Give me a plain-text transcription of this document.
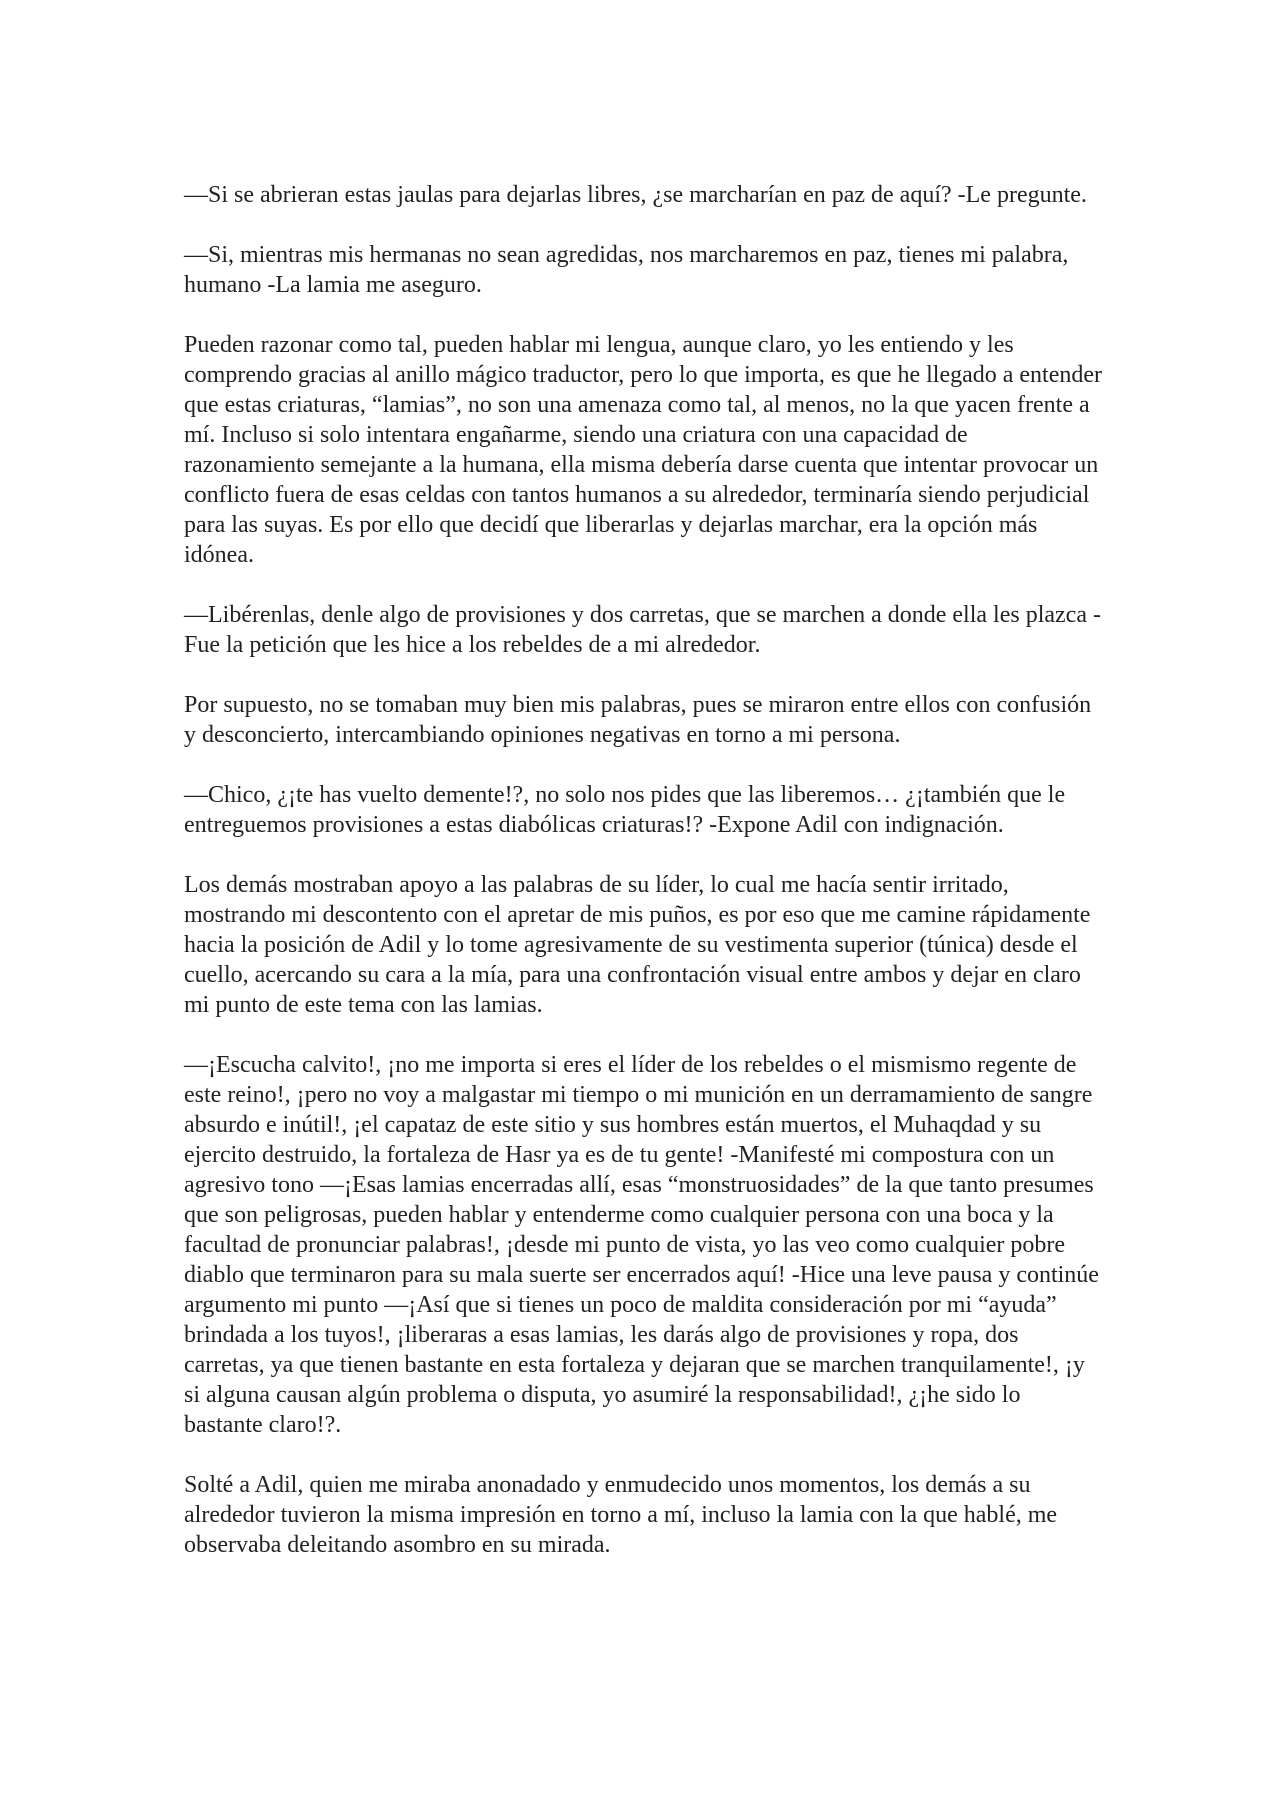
—Si se abrieran estas jaulas para dejarlas libres, ¿se marcharían en paz de aquí? -Le pregunte.

—Si, mientras mis hermanas no sean agredidas, nos marcharemos en paz, tienes mi palabra, humano -La lamia me aseguro.

Pueden razonar como tal, pueden hablar mi lengua, aunque claro, yo les entiendo y les comprendo gracias al anillo mágico traductor, pero lo que importa, es que he llegado a entender que estas criaturas, “lamias”, no son una amenaza como tal, al menos, no la que yacen frente a mí. Incluso si solo intentara engañarme, siendo una criatura con una capacidad de razonamiento semejante a la humana, ella misma debería darse cuenta que intentar provocar un conflicto fuera de esas celdas con tantos humanos a su alrededor, terminaría siendo perjudicial para las suyas. Es por ello que decidí que liberarlas y dejarlas marchar, era la opción más idónea.

—Libérenlas, denle algo de provisiones y dos carretas, que se marchen a donde ella les plazca -Fue la petición que les hice a los rebeldes de a mi alrededor.

Por supuesto, no se tomaban muy bien mis palabras, pues se miraron entre ellos con confusión y desconcierto, intercambiando opiniones negativas en torno a mi persona.

—Chico, ¿¡te has vuelto demente!?, no solo nos pides que las liberemos… ¿¡también que le entreguemos provisiones a estas diabólicas criaturas!? -Expone Adil con indignación.

Los demás mostraban apoyo a las palabras de su líder, lo cual me hacía sentir irritado, mostrando mi descontento con el apretar de mis puños, es por eso que me camine rápidamente hacia la posición de Adil y lo tome agresivamente de su vestimenta superior (túnica) desde el cuello, acercando su cara a la mía, para una confrontación visual entre ambos y dejar en claro mi punto de este tema con las lamias.

—¡Escucha calvito!, ¡no me importa si eres el líder de los rebeldes o el mismismo regente de este reino!, ¡pero no voy a malgastar mi tiempo o mi munición en un derramamiento de sangre absurdo e inútil!, ¡el capataz de este sitio y sus hombres están muertos, el Muhaqdad y su ejercito destruido, la fortaleza de Hasr ya es de tu gente! -Manifesté mi compostura con un agresivo tono —¡Esas lamias encerradas allí, esas “monstruosidades” de la que tanto presumes que son peligrosas, pueden hablar y entenderme como cualquier persona con una boca y la facultad de pronunciar palabras!, ¡desde mi punto de vista, yo las veo como cualquier pobre diablo que terminaron para su mala suerte ser encerrados aquí! -Hice una leve pausa y continúe argumento mi punto —¡Así que si tienes un poco de maldita consideración por mi “ayuda” brindada a los tuyos!, ¡liberaras a esas lamias, les darás algo de provisiones y ropa, dos carretas, ya que tienen bastante en esta fortaleza y dejaran que se marchen tranquilamente!, ¡y si alguna causan algún problema o disputa, yo asumiré la responsabilidad!, ¿¡he sido lo bastante claro!?.

Solté a Adil, quien me miraba anonadado y enmudecido unos momentos, los demás a su alrededor tuvieron la misma impresión en torno a mí, incluso la lamia con la que hablé, me observaba deleitando asombro en su mirada.
